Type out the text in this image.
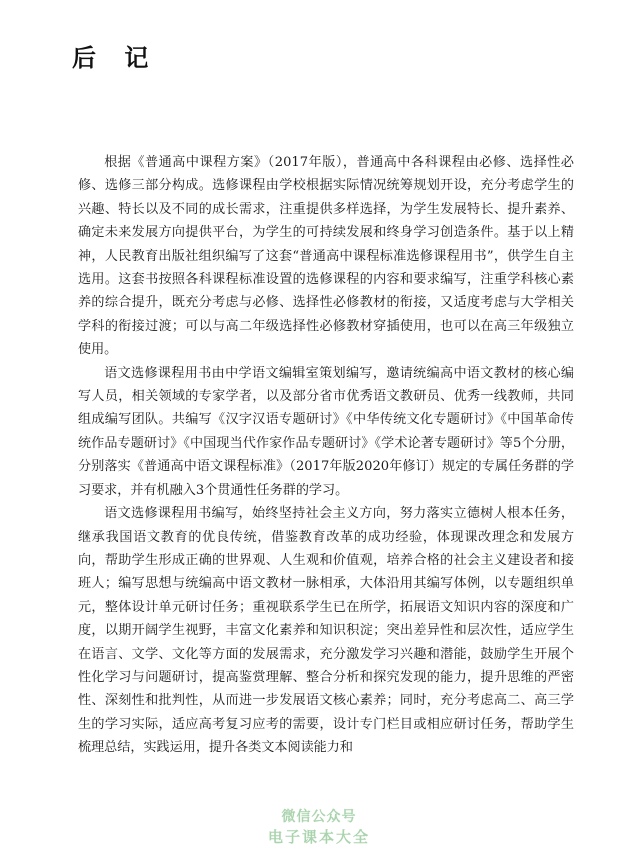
后 记

根据《普通高中课程方案》（2017年版），普通高中各科课程由必修、选择性必修、选修三部分构成。选修课程由学校根据实际情况统筹规划开设，充分考虑学生的兴趣、特长以及不同的成长需求，注重提供多样选择，为学生发展特长、提升素养、确定未来发展方向提供平台，为学生的可持续发展和终身学习创造条件。基于以上精神，人民教育出版社组织编写了这套“普通高中课程标准选修课程用书”，供学生自主选用。这套书按照各科课程标准设置的选修课程的内容和要求编写，注重学科核心素养的综合提升，既充分考虑与必修、选择性必修教材的衔接，又适度考虑与大学相关学科的衔接过渡；可以与高二年级选择性必修教材穿插使用，也可以在高三年级独立使用。

语文选修课程用书由中学语文编辑室策划编写，邀请统编高中语文教材的核心编写人员，相关领域的专家学者，以及部分省市优秀语文教研员、优秀一线教师，共同组成编写团队。共编写《汉字汉语专题研讨》《中华传统文化专题研讨》《中国革命传统作品专题研讨》《中国现当代作家作品专题研讨》《学术论著专题研讨》等5个分册，分别落实《普通高中语文课程标准》（2017年版2020年修订）规定的专属任务群的学习要求，并有机融入3个贯通性任务群的学习。

语文选修课程用书编写，始终坚持社会主义方向，努力落实立德树人根本任务，继承我国语文教育的优良传统，借鉴教育改革的成功经验，体现课改理念和发展方向，帮助学生形成正确的世界观、人生观和价值观，培养合格的社会主义建设者和接班人；编写思想与统编高中语文教材一脉相承，大体沿用其编写体例，以专题组织单元，整体设计单元研讨任务；重视联系学生已在所学，拓展语文知识内容的深度和广度，以期开阔学生视野，丰富文化素养和知识积淀；突出差异性和层次性，适应学生在语言、文学、文化等方面的发展需求，充分激发学习兴趣和潜能，鼓励学生开展个性化学习与问题研讨，提高鉴赏理解、整合分析和探究发现的能力，提升思维的严密性、深刻性和批判性，从而进一步发展语文核心素养；同时，充分考虑高二、高三学生的学习实际，适应高考复习应考的需要，设计专门栏目或相应研讨任务，帮助学生梳理总结，实践运用，提升各类文本阅读能力和

微信公众号
电子课本大全
